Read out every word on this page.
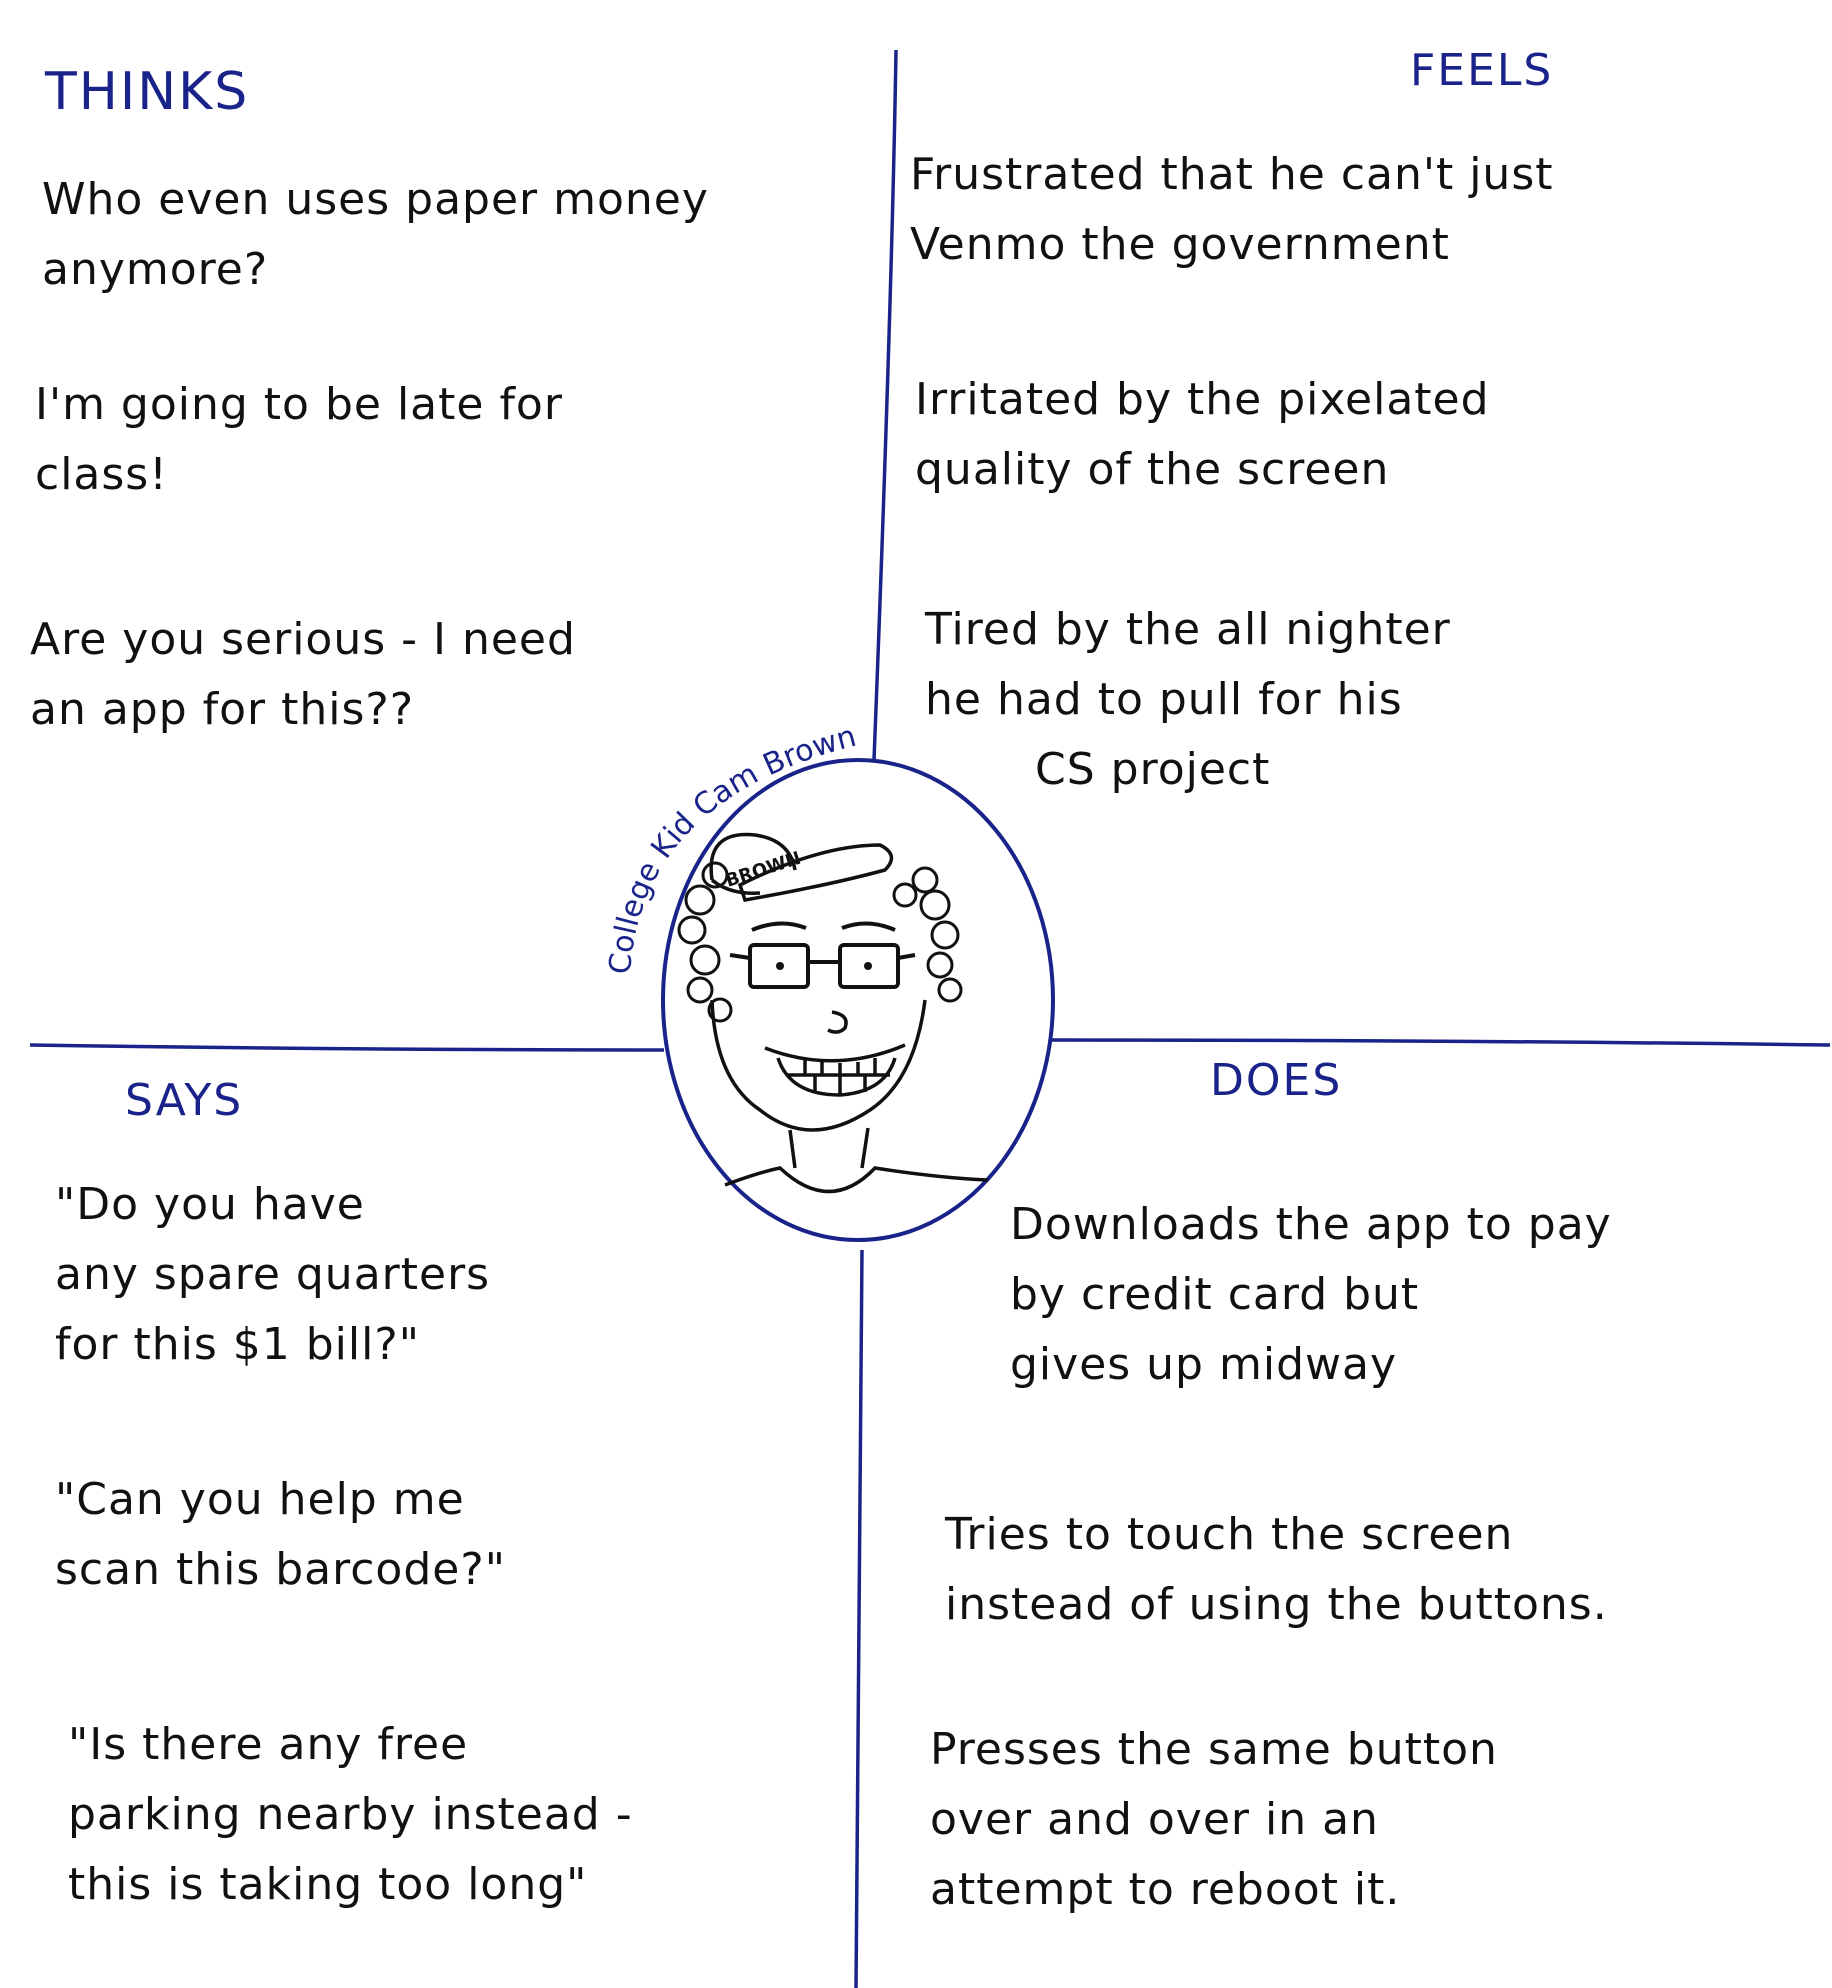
College Kid Cam Brown
BROWN
THINKS
Who even uses paper money
anymore?
I'm going to be late for
class!
Are you serious - I need
an app for this??
FEELS
Frustrated that he can't just
Venmo the government
Irritated by the pixelated
quality of the screen
Tired by the all nighter
he had to pull for his
CS project
SAYS
"Do you have
any spare quarters
for this $1 bill?"
"Can you help me
scan this barcode?"
"Is there any free
parking nearby instead -
this is taking too long"
DOES
Downloads the app to pay
by credit card but
gives up midway
Tries to touch the screen
instead of using the buttons.
Presses the same button
over and over in an
attempt to reboot it.
